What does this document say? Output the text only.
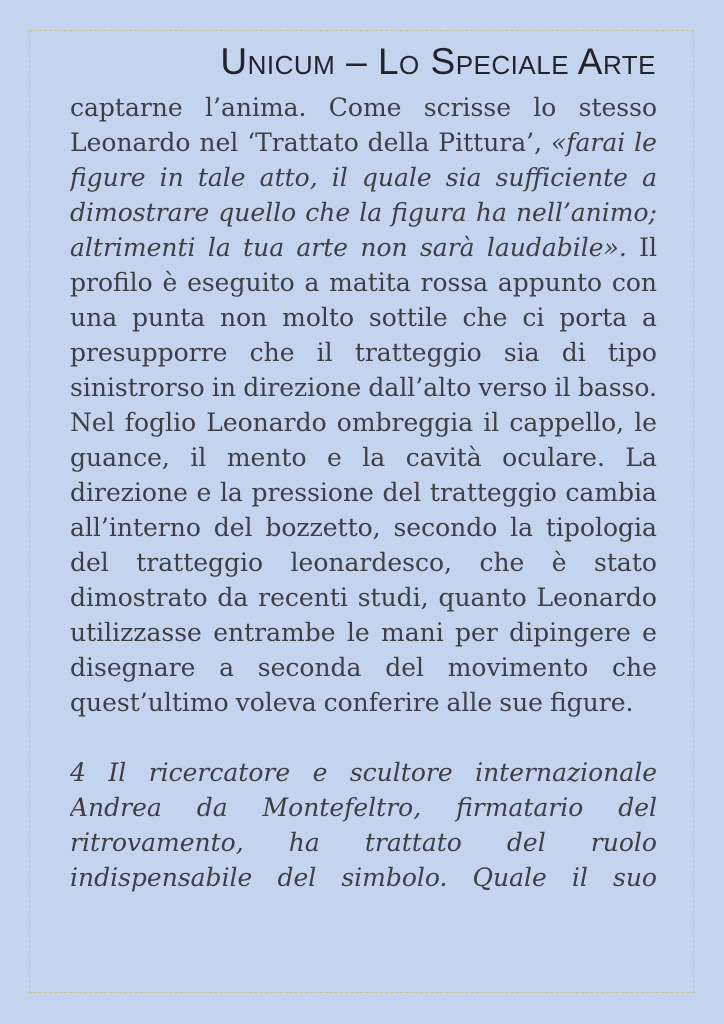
Unicum – Lo Speciale Arte
captarne l’anima. Come scrisse lo stesso
Leonardo nel ‘Trattato della Pittura’, «farai le
figure in tale atto, il quale sia sufficiente a
dimostrare quello che la figura ha nell’animo;
altrimenti la tua arte non sarà laudabile». Il
profilo è eseguito a matita rossa appunto con
una punta non molto sottile che ci porta a
presupporre che il tratteggio sia di tipo
sinistrorso in direzione dall’alto verso il basso.
Nel foglio Leonardo ombreggia il cappello, le
guance, il mento e la cavità oculare. La
direzione e la pressione del tratteggio cambia
all’interno del bozzetto, secondo la tipologia
del tratteggio leonardesco, che è stato
dimostrato da recenti studi, quanto Leonardo
utilizzasse entrambe le mani per dipingere e
disegnare a seconda del movimento che
quest’ultimo voleva conferire alle sue figure.
4 Il ricercatore e scultore internazionale
Andrea da Montefeltro, firmatario del
ritrovamento, ha trattato del ruolo
indispensabile del simbolo. Quale il suo
